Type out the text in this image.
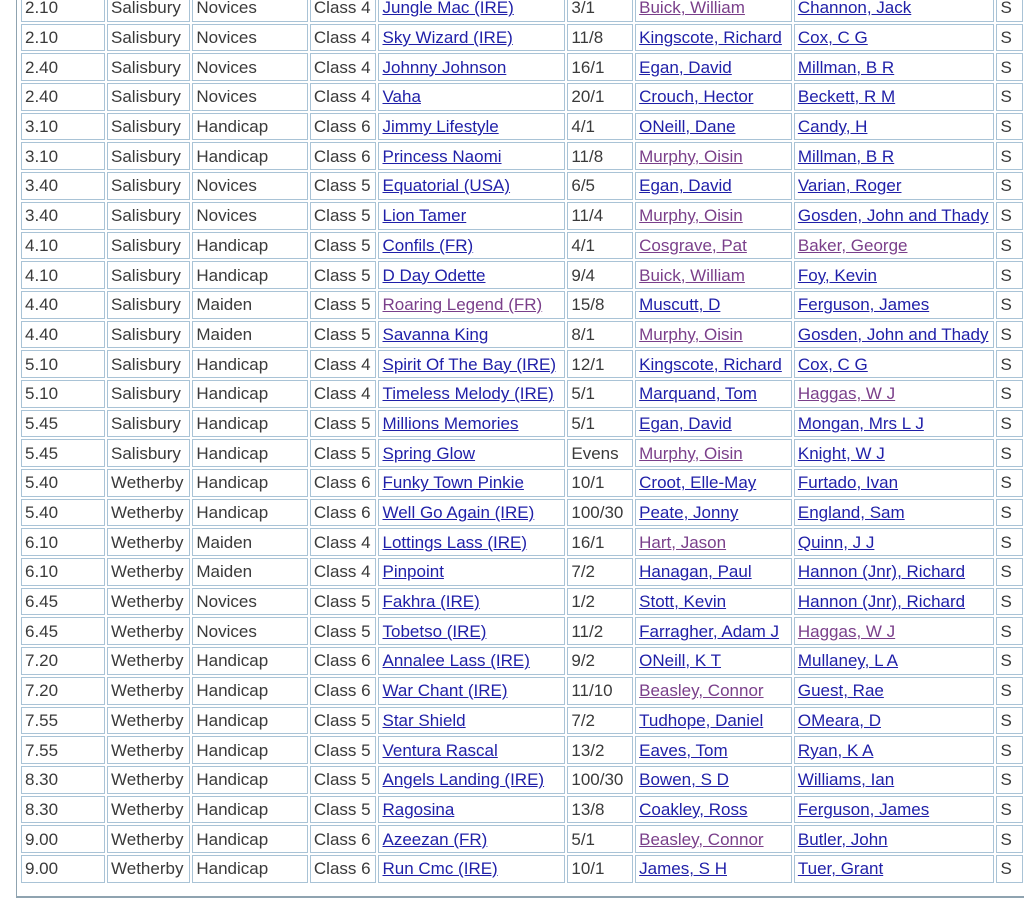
2.10	Salisbury	Novices	Class 4	Jungle Mac (IRE)	3/1	Buick, William	Channon, Jack	S
2.10	Salisbury	Novices	Class 4	Sky Wizard (IRE)	11/8	Kingscote, Richard	Cox, C G	S
2.40	Salisbury	Novices	Class 4	Johnny Johnson	16/1	Egan, David	Millman, B R	S
2.40	Salisbury	Novices	Class 4	Vaha	20/1	Crouch, Hector	Beckett, R M	S
3.10	Salisbury	Handicap	Class 6	Jimmy Lifestyle	4/1	ONeill, Dane	Candy, H	S
3.10	Salisbury	Handicap	Class 6	Princess Naomi	11/8	Murphy, Oisin	Millman, B R	S
3.40	Salisbury	Novices	Class 5	Equatorial (USA)	6/5	Egan, David	Varian, Roger	S
3.40	Salisbury	Novices	Class 5	Lion Tamer	11/4	Murphy, Oisin	Gosden, John and Thady	S
4.10	Salisbury	Handicap	Class 5	Confils (FR)	4/1	Cosgrave, Pat	Baker, George	S
4.10	Salisbury	Handicap	Class 5	D Day Odette	9/4	Buick, William	Foy, Kevin	S
4.40	Salisbury	Maiden	Class 5	Roaring Legend (FR)	15/8	Muscutt, D	Ferguson, James	S
4.40	Salisbury	Maiden	Class 5	Savanna King	8/1	Murphy, Oisin	Gosden, John and Thady	S
5.10	Salisbury	Handicap	Class 4	Spirit Of The Bay (IRE)	12/1	Kingscote, Richard	Cox, C G	S
5.10	Salisbury	Handicap	Class 4	Timeless Melody (IRE)	5/1	Marquand, Tom	Haggas, W J	S
5.45	Salisbury	Handicap	Class 5	Millions Memories	5/1	Egan, David	Mongan, Mrs L J	S
5.45	Salisbury	Handicap	Class 5	Spring Glow	Evens	Murphy, Oisin	Knight, W J	S
5.40	Wetherby	Handicap	Class 6	Funky Town Pinkie	10/1	Croot, Elle-May	Furtado, Ivan	S
5.40	Wetherby	Handicap	Class 6	Well Go Again (IRE)	100/30	Peate, Jonny	England, Sam	S
6.10	Wetherby	Maiden	Class 4	Lottings Lass (IRE)	16/1	Hart, Jason	Quinn, J J	S
6.10	Wetherby	Maiden	Class 4	Pinpoint	7/2	Hanagan, Paul	Hannon (Jnr), Richard	S
6.45	Wetherby	Novices	Class 5	Fakhra (IRE)	1/2	Stott, Kevin	Hannon (Jnr), Richard	S
6.45	Wetherby	Novices	Class 5	Tobetso (IRE)	11/2	Farragher, Adam J	Haggas, W J	S
7.20	Wetherby	Handicap	Class 6	Annalee Lass (IRE)	9/2	ONeill, K T	Mullaney, L A	S
7.20	Wetherby	Handicap	Class 6	War Chant (IRE)	11/10	Beasley, Connor	Guest, Rae	S
7.55	Wetherby	Handicap	Class 5	Star Shield	7/2	Tudhope, Daniel	OMeara, D	S
7.55	Wetherby	Handicap	Class 5	Ventura Rascal	13/2	Eaves, Tom	Ryan, K A	S
8.30	Wetherby	Handicap	Class 5	Angels Landing (IRE)	100/30	Bowen, S D	Williams, Ian	S
8.30	Wetherby	Handicap	Class 5	Ragosina	13/8	Coakley, Ross	Ferguson, James	S
9.00	Wetherby	Handicap	Class 6	Azeezan (FR)	5/1	Beasley, Connor	Butler, John	S
9.00	Wetherby	Handicap	Class 6	Run Cmc (IRE)	10/1	James, S H	Tuer, Grant	S
